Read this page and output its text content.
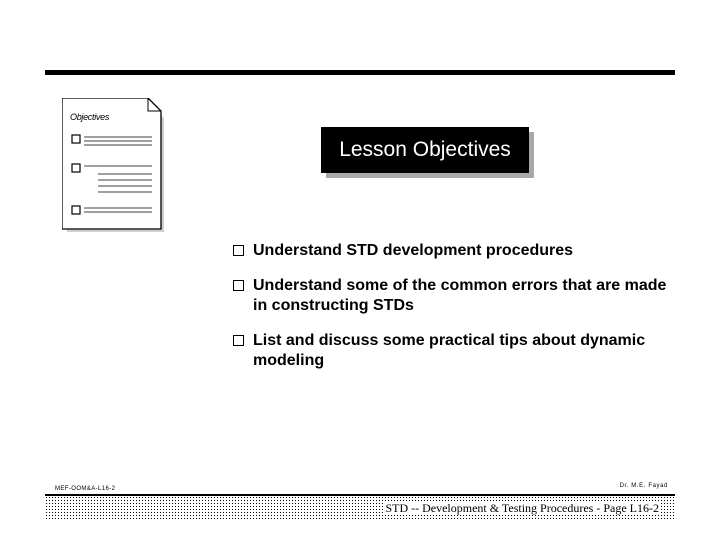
Objectives
Lesson Objectives
Understand STD development procedures
Understand some of the common errors that are made in constructing STDs
List and discuss some practical tips about dynamic modeling
MEF-OOM&A-L16-2	Dr. M.E. Fayad
STD -- Development & Testing Procedures - Page L16-2
